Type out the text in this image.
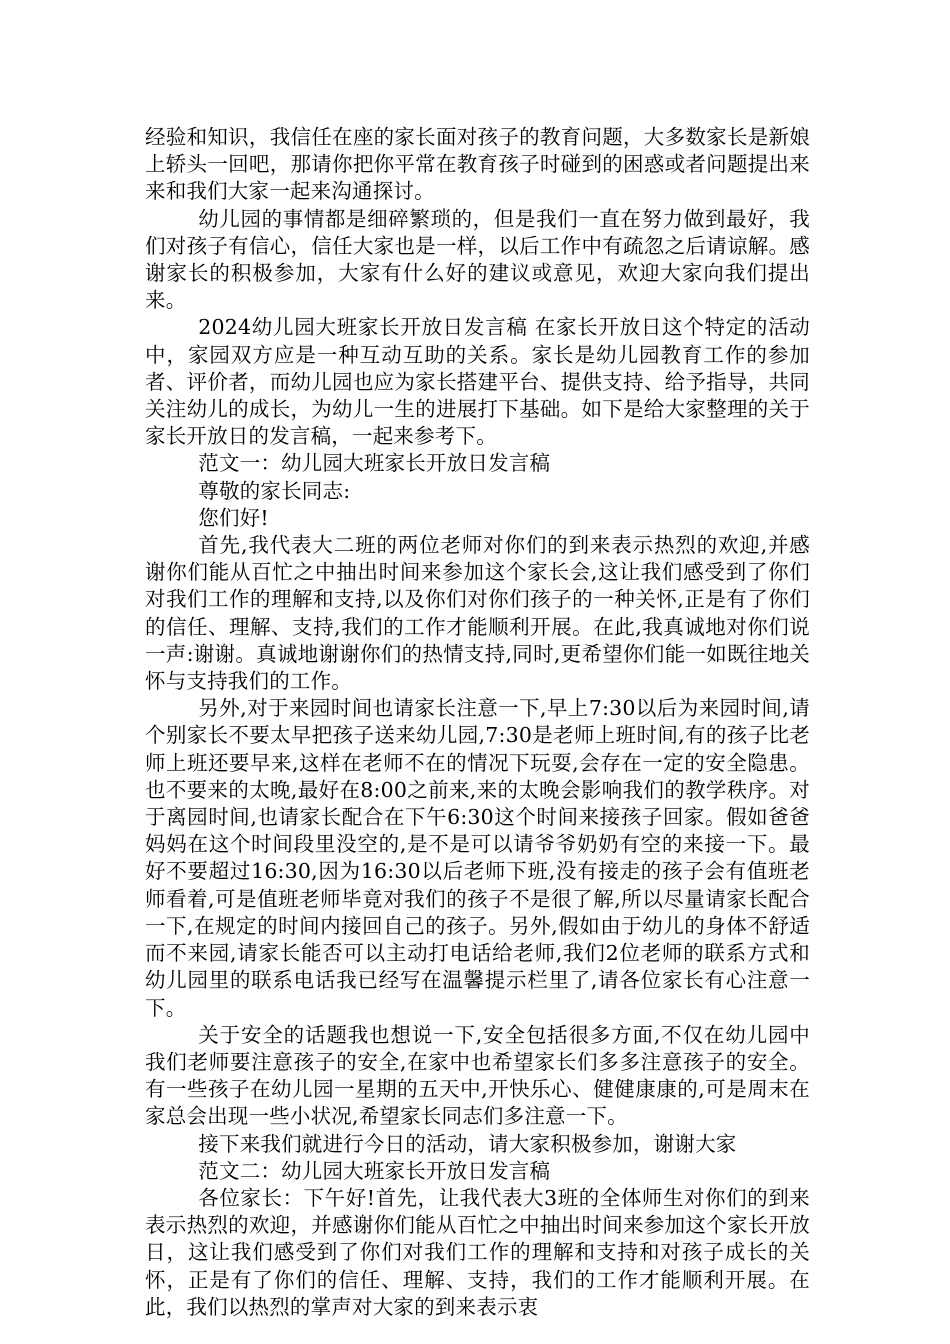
经验和知识，我信任在座的家长面对孩子的教育问题，大多数家长是新娘上轿头一回吧，那请你把你平常在教育孩子时碰到的困惑或者问题提出来来和我们大家一起来沟通探讨。

幼儿园的事情都是细碎繁琐的，但是我们一直在努力做到最好，我们对孩子有信心，信任大家也是一样，以后工作中有疏忽之后请谅解。感谢家长的积极参加，大家有什么好的建议或意见，欢迎大家向我们提出来。

2024幼儿园大班家长开放日发言稿 在家长开放日这个特定的活动中，家园双方应是一种互动互助的关系。家长是幼儿园教育工作的参加者、评价者，而幼儿园也应为家长搭建平台、提供支持、给予指导，共同关注幼儿的成长，为幼儿一生的进展打下基础。如下是给大家整理的关于家长开放日的发言稿，一起来参考下。

范文一：幼儿园大班家长开放日发言稿

尊敬的家长同志:

您们好!

首先,我代表大二班的两位老师对你们的到来表示热烈的欢迎,并感谢你们能从百忙之中抽出时间来参加这个家长会,这让我们感受到了你们对我们工作的理解和支持,以及你们对你们孩子的一种关怀,正是有了你们的信任、理解、支持,我们的工作才能顺利开展。在此,我真诚地对你们说一声:谢谢。真诚地谢谢你们的热情支持,同时,更希望你们能一如既往地关怀与支持我们的工作。

另外,对于来园时间也请家长注意一下,早上7:30以后为来园时间,请个别家长不要太早把孩子送来幼儿园,7:30是老师上班时间,有的孩子比老师上班还要早来,这样在老师不在的情况下玩耍,会存在一定的安全隐患。也不要来的太晚,最好在8:00之前来,来的太晚会影响我们的教学秩序。对于离园时间,也请家长配合在下午6:30这个时间来接孩子回家。假如爸爸妈妈在这个时间段里没空的,是不是可以请爷爷奶奶有空的来接一下。最好不要超过16:30,因为16:30以后老师下班,没有接走的孩子会有值班老师看着,可是值班老师毕竟对我们的孩子不是很了解,所以尽量请家长配合一下,在规定的时间内接回自己的孩子。另外,假如由于幼儿的身体不舒适而不来园,请家长能否可以主动打电话给老师,我们2位老师的联系方式和幼儿园里的联系电话我已经写在温馨提示栏里了,请各位家长有心注意一下。

关于安全的话题我也想说一下,安全包括很多方面,不仅在幼儿园中我们老师要注意孩子的安全,在家中也希望家长们多多注意孩子的安全。有一些孩子在幼儿园一星期的五天中,开快乐心、健健康康的,可是周末在家总会出现一些小状况,希望家长同志们多注意一下。

接下来我们就进行今日的活动，请大家积极参加，谢谢大家

范文二：幼儿园大班家长开放日发言稿

各位家长：下午好!首先，让我代表大3班的全体师生对你们的到来表示热烈的欢迎，并感谢你们能从百忙之中抽出时间来参加这个家长开放日，这让我们感受到了你们对我们工作的理解和支持和对孩子成长的关怀，正是有了你们的信任、理解、支持，我们的工作才能顺利开展。在此，我们以热烈的掌声对大家的到来表示衷
